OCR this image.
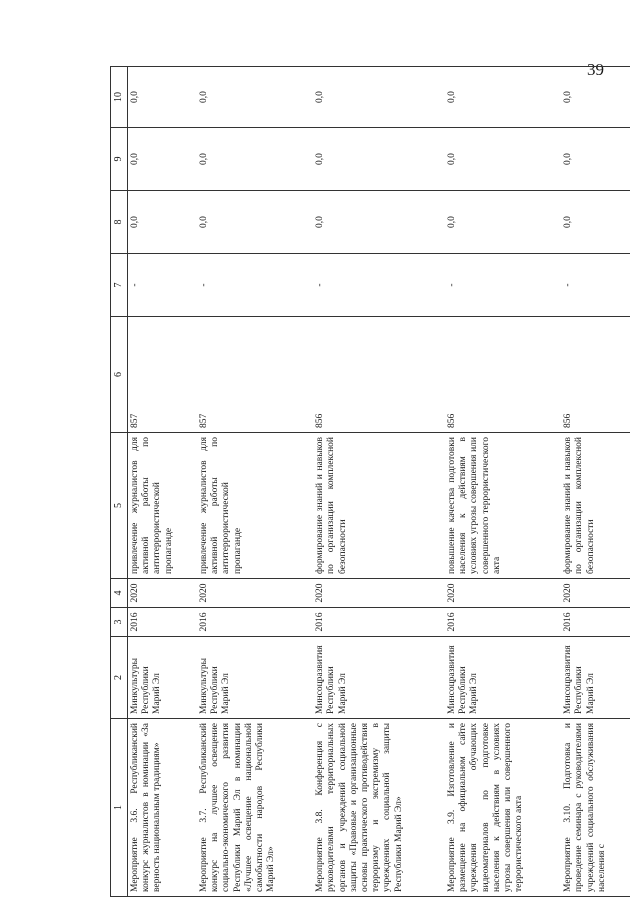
39
1	2	3	4	5	6	7	8	9	10
Мероприятие 3.6. Республиканский конкурс журналистов в номинации «За верность национальным традициям»	Минкультуры Республики Марий Эл	2016	2020	привлечение журналистов для активной работы по антитеррористической пропаганде	857	-	0,0	0,0	0,0
Мероприятие 3.7. Республиканский конкурс на лучшее освещение социально-экономического развития Республики Марий Эл в номинации «Лучшее освещение национальной самобытности народов Республики Марий Эл»	Минкультуры Республики Марий Эл	2016	2020	привлечение журналистов для активной работы по антитеррористической пропаганде	857	-	0,0	0,0	0,0
Мероприятие 3.8. Конференция с руководителями территориальных органов и учреждений социальной защиты «Правовые и организационные основы практического противодействия терроризму и экстремизму в учреждениях социальной защиты Республики Марий Эл»	Минсоцразвития Республики Марий Эл	2016	2020	формирование знаний и навыков по организации комплексной безопасности	856	-	0,0	0,0	0,0
Мероприятие 3.9. Изготовление и размещение на официальном сайте учреждения обучающих видеоматериалов по подготовке населения к действиям в условиях угрозы совершения или совершенного террористического акта	Минсоцразвития Республики Марий Эл	2016	2020	повышение качества подготовки населения к действиям в условиях угрозы совершения или совершенного террористического акта	856	-	0,0	0,0	0,0
Мероприятие 3.10. Подготовка и проведение семинара с руководителями учреждений социального обслуживания населения с	Минсоцразвития Республики Марий Эл	2016	2020	формирование знаний и навыков по организации комплексной безопасности	856	-	0,0	0,0	0,0
